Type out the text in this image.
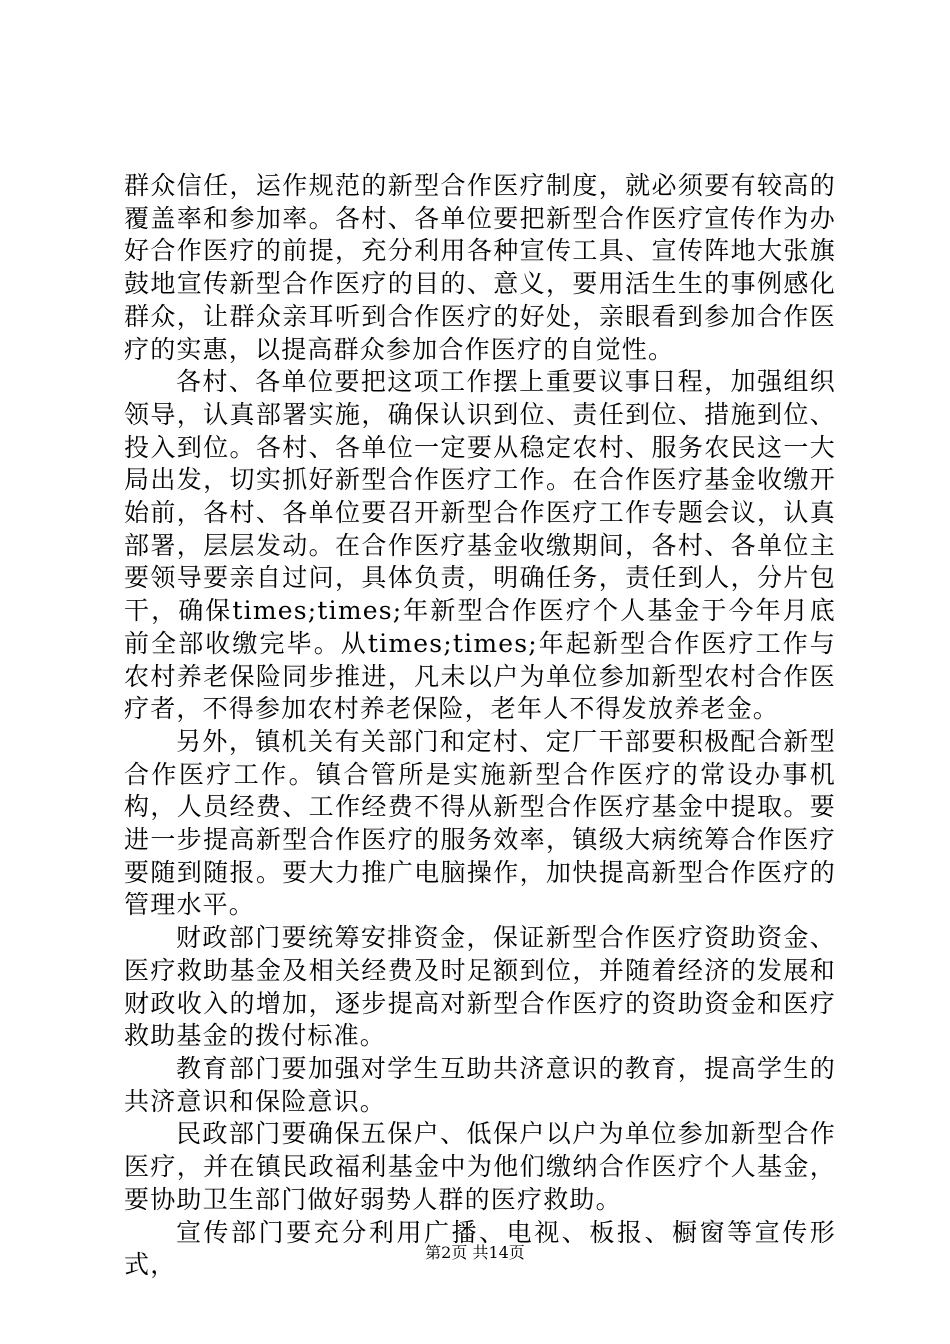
群众信任，运作规范的新型合作医疗制度，就必须要有较高的覆盖率和参加率。各村、各单位要把新型合作医疗宣传作为办好合作医疗的前提，充分利用各种宣传工具、宣传阵地大张旗鼓地宣传新型合作医疗的目的、意义，要用活生生的事例感化群众，让群众亲耳听到合作医疗的好处，亲眼看到参加合作医疗的实惠，以提高群众参加合作医疗的自觉性。

各村、各单位要把这项工作摆上重要议事日程，加强组织领导，认真部署实施，确保认识到位、责任到位、措施到位、投入到位。各村、各单位一定要从稳定农村、服务农民这一大局出发，切实抓好新型合作医疗工作。在合作医疗基金收缴开始前，各村、各单位要召开新型合作医疗工作专题会议，认真部署，层层发动。在合作医疗基金收缴期间，各村、各单位主要领导要亲自过问，具体负责，明确任务，责任到人，分片包干，确保times;times;年新型合作医疗个人基金于今年月底前全部收缴完毕。从times;times;年起新型合作医疗工作与农村养老保险同步推进，凡未以户为单位参加新型农村合作医疗者，不得参加农村养老保险，老年人不得发放养老金。

另外，镇机关有关部门和定村、定厂干部要积极配合新型合作医疗工作。镇合管所是实施新型合作医疗的常设办事机构，人员经费、工作经费不得从新型合作医疗基金中提取。要进一步提高新型合作医疗的服务效率，镇级大病统筹合作医疗要随到随报。要大力推广电脑操作，加快提高新型合作医疗的管理水平。

财政部门要统筹安排资金，保证新型合作医疗资助资金、医疗救助基金及相关经费及时足额到位，并随着经济的发展和财政收入的增加，逐步提高对新型合作医疗的资助资金和医疗救助基金的拨付标准。

教育部门要加强对学生互助共济意识的教育，提高学生的共济意识和保险意识。

民政部门要确保五保户、低保户以户为单位参加新型合作医疗，并在镇民政福利基金中为他们缴纳合作医疗个人基金，要协助卫生部门做好弱势人群的医疗救助。

宣传部门要充分利用广播、电视、板报、橱窗等宣传形式，	第2页 共14页
